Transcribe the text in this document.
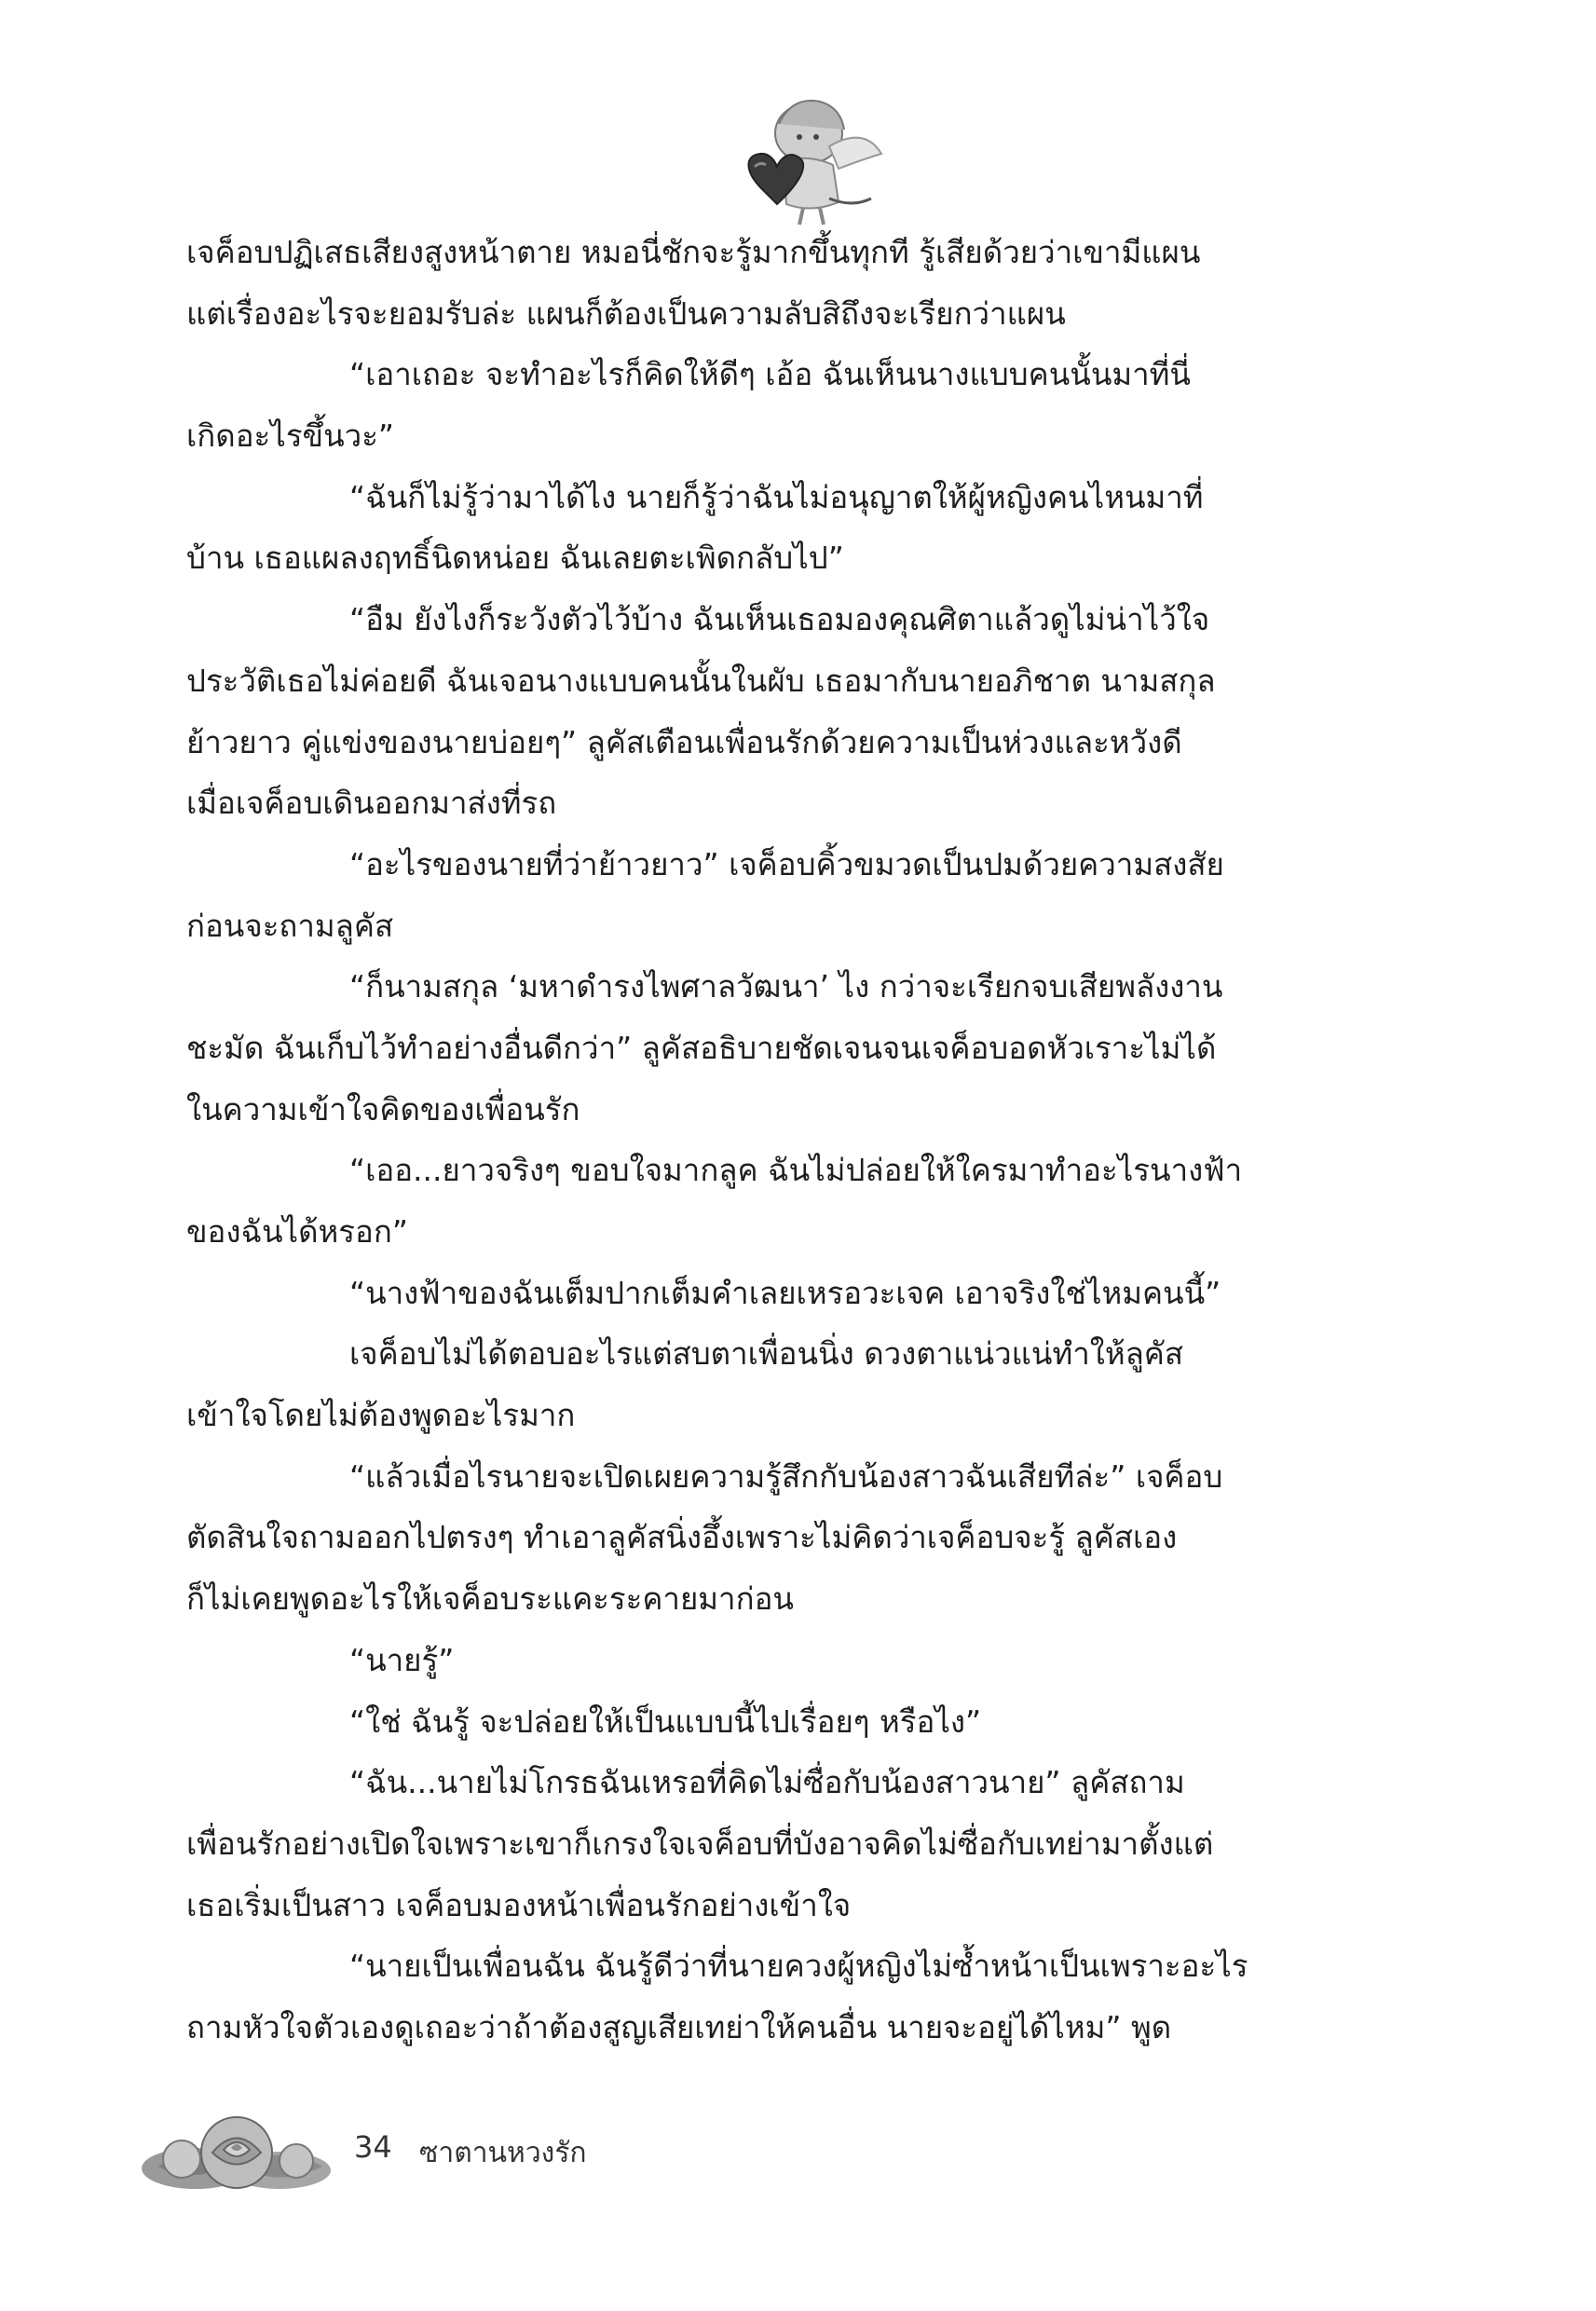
เจค็อบปฏิเสธเสียงสูงหน้าตาย หมอนี่ชักจะรู้มากขึ้นทุกที รู้เสียด้วยว่าเขามีแผน
แต่เรื่องอะไรจะยอมรับล่ะ แผนก็ต้องเป็นความลับสิถึงจะเรียกว่าแผน
“เอาเถอะ จะทำอะไรก็คิดให้ดีๆ เอ้อ ฉันเห็นนางแบบคนนั้นมาที่นี่
เกิดอะไรขึ้นวะ”
“ฉันก็ไม่รู้ว่ามาได้ไง นายก็รู้ว่าฉันไม่อนุญาตให้ผู้หญิงคนไหนมาที่
บ้าน เธอแผลงฤทธิ์นิดหน่อย ฉันเลยตะเพิดกลับไป”
“อืม ยังไงก็ระวังตัวไว้บ้าง ฉันเห็นเธอมองคุณศิตาแล้วดูไม่น่าไว้ใจ
ประวัติเธอไม่ค่อยดี ฉันเจอนางแบบคนนั้นในผับ เธอมากับนายอภิชาต นามสกุล
ย้าวยาว คู่แข่งของนายบ่อยๆ” ลูคัสเตือนเพื่อนรักด้วยความเป็นห่วงและหวังดี
เมื่อเจค็อบเดินออกมาส่งที่รถ
“อะไรของนายที่ว่าย้าวยาว” เจค็อบคิ้วขมวดเป็นปมด้วยความสงสัย
ก่อนจะถามลูคัส
“ก็นามสกุล ‘มหาดำรงไพศาลวัฒนา’ ไง กว่าจะเรียกจบเสียพลังงาน
ชะมัด ฉันเก็บไว้ทำอย่างอื่นดีกว่า” ลูคัสอธิบายชัดเจนจนเจค็อบอดหัวเราะไม่ได้
ในความเข้าใจคิดของเพื่อนรัก
“เออ...ยาวจริงๆ ขอบใจมากลูค ฉันไม่ปล่อยให้ใครมาทำอะไรนางฟ้า
ของฉันได้หรอก”
“นางฟ้าของฉันเต็มปากเต็มคำเลยเหรอวะเจค เอาจริงใช่ไหมคนนี้”
เจค็อบไม่ได้ตอบอะไรแต่สบตาเพื่อนนิ่ง ดวงตาแน่วแน่ทำให้ลูคัส
เข้าใจโดยไม่ต้องพูดอะไรมาก
“แล้วเมื่อไรนายจะเปิดเผยความรู้สึกกับน้องสาวฉันเสียทีล่ะ” เจค็อบ
ตัดสินใจถามออกไปตรงๆ ทำเอาลูคัสนิ่งอึ้งเพราะไม่คิดว่าเจค็อบจะรู้ ลูคัสเอง
ก็ไม่เคยพูดอะไรให้เจค็อบระแคะระคายมาก่อน
“นายรู้”
“ใช่ ฉันรู้ จะปล่อยให้เป็นแบบนี้ไปเรื่อยๆ หรือไง”
“ฉัน...นายไม่โกรธฉันเหรอที่คิดไม่ซื่อกับน้องสาวนาย” ลูคัสถาม
เพื่อนรักอย่างเปิดใจเพราะเขาก็เกรงใจเจค็อบที่บังอาจคิดไม่ซื่อกับเทย่ามาตั้งแต่
เธอเริ่มเป็นสาว เจค็อบมองหน้าเพื่อนรักอย่างเข้าใจ
“นายเป็นเพื่อนฉัน ฉันรู้ดีว่าที่นายควงผู้หญิงไม่ซ้ำหน้าเป็นเพราะอะไร
ถามหัวใจตัวเองดูเถอะว่าถ้าต้องสูญเสียเทย่าให้คนอื่น นายจะอยู่ได้ไหม” พูด
34 ซาตานหวงรัก
